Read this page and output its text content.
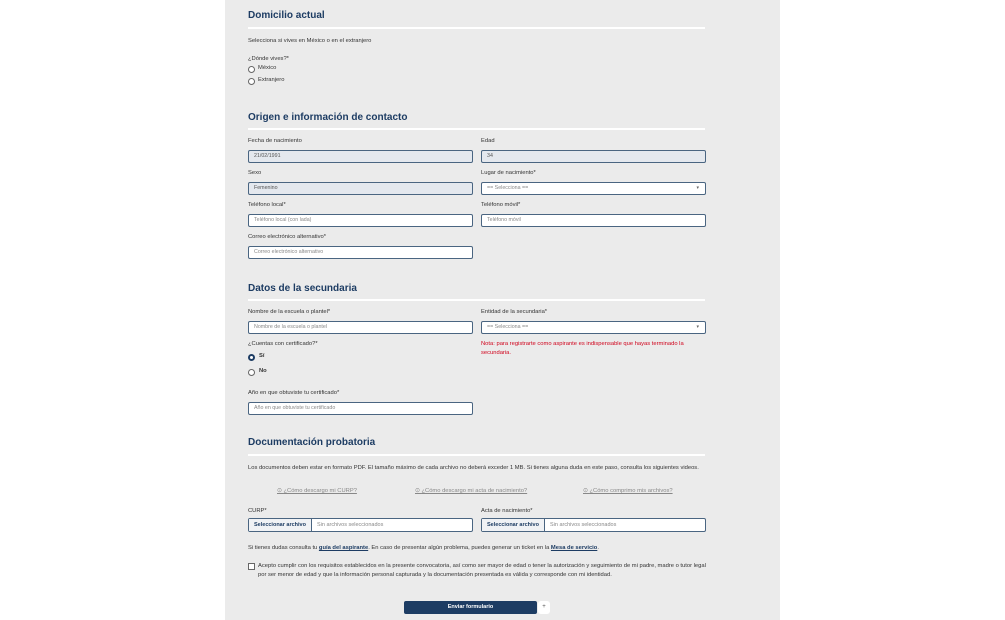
Domicilio actual
Selecciona si vives en México o en el extranjero
¿Dónde vives?*
México
Extranjero
Origen e información de contacto
Fecha de nacimiento
21/02/1991
Edad
34
Sexo
Femenino
Lugar de nacimiento*
== Selecciona ==	▾
Teléfono local*
Teléfono local (con lada)
Teléfono móvil*
Teléfono móvil
Correo electrónico alternativo*
Correo electrónico alternativo
Datos de la secundaria
Nombre de la escuela o plantel*
Nombre de la escuela o plantel
Entidad de la secundaria*
== Selecciona ==	▾
Nota: para registrarte como aspirante es indispensable que hayas terminado la secundaria.
¿Cuentas con certificado?*
Sí
No
Año en que obtuviste tu certificado*
Año en que obtuviste tu certificado
Documentación probatoria
Los documentos deben estar en formato PDF. El tamaño máximo de cada archivo no deberá exceder 1 MB. Si tienes alguna duda en este paso, consulta los siguientes videos.
⊙ ¿Cómo descargo mi CURP?	⊙ ¿Cómo descargo mi acta de nacimiento?	⊙ ¿Cómo comprimo mis archivos?
CURP*
Seleccionar archivo	Sin archivos seleccionados
Acta de nacimiento*
Seleccionar archivo	Sin archivos seleccionados
Si tienes dudas consulta tu guía del aspirante. En caso de presentar algún problema, puedes generar un ticket en la Mesa de servicio.
Acepto cumplir con los requisitos establecidos en la presente convocatoria, así como ser mayor de edad o tener la autorización y seguimiento de mi padre, madre o tutor legal por ser menor de edad y que la información personal capturada y la documentación presentada es válida y corresponde con mi identidad.
Enviar formulario	+
